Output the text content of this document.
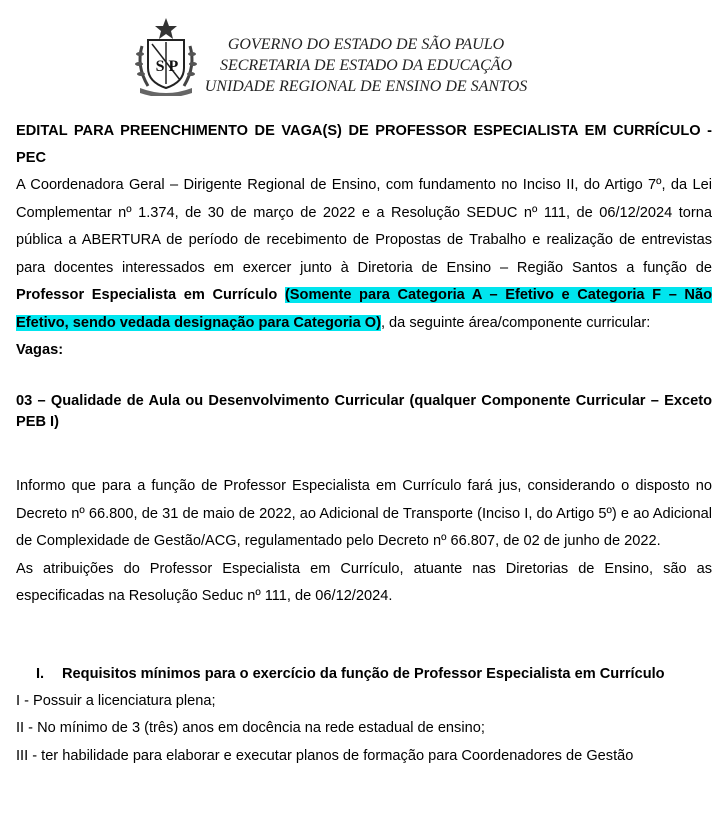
S P
GOVERNO DO ESTADO DE SÃO PAULO
SECRETARIA DE ESTADO DA EDUCAÇÃO
UNIDADE REGIONAL DE ENSINO DE SANTOS

EDITAL PARA PREENCHIMENTO DE VAGA(S) DE PROFESSOR ESPECIALISTA EM CURRÍCULO - PEC

A Coordenadora Geral – Dirigente Regional de Ensino, com fundamento no Inciso II, do Artigo 7º, da Lei Complementar nº 1.374, de 30 de março de 2022 e a Resolução SEDUC nº 111, de 06/12/2024 torna pública a ABERTURA de período de recebimento de Propostas de Trabalho e realização de entrevistas para docentes interessados em exercer junto à Diretoria de Ensino – Região Santos a função de Professor Especialista em Currículo (Somente para Categoria A – Efetivo e Categoria F – Não Efetivo, sendo vedada designação para Categoria O), da seguinte área/componente curricular:

Vagas:

03 – Qualidade de Aula ou Desenvolvimento Curricular (qualquer Componente Curricular – Exceto PEB I)

Informo que para a função de Professor Especialista em Currículo fará jus, considerando o disposto no Decreto nº 66.800, de 31 de maio de 2022, ao Adicional de Transporte (Inciso I, do Artigo 5º) e ao Adicional de Complexidade de Gestão/ACG, regulamentado pelo Decreto nº 66.807, de 02 de junho de 2022.

As atribuições do Professor Especialista em Currículo, atuante nas Diretorias de Ensino, são as especificadas na Resolução Seduc nº 111, de 06/12/2024.

I. Requisitos mínimos para o exercício da função de Professor Especialista em Currículo

I - Possuir a licenciatura plena;

II - No mínimo de 3 (três) anos em docência na rede estadual de ensino;

III - ter habilidade para elaborar e executar planos de formação para Coordenadores de Gestão
